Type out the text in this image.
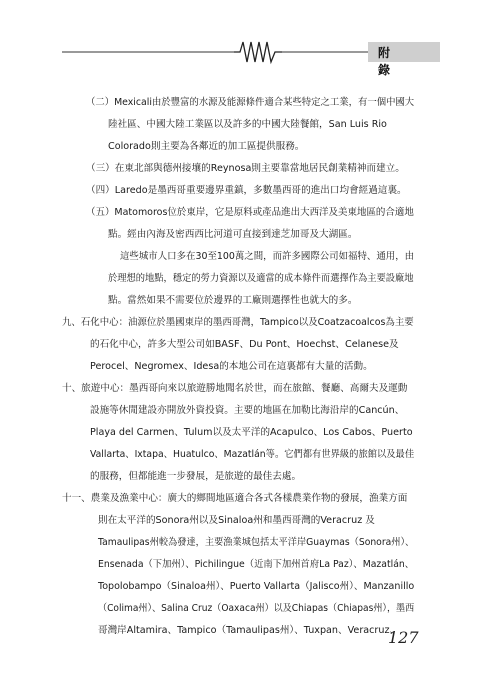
附 錄
（二）Mexicali由於豐富的水源及能源條件適合某些特定之工業，有一個中國大
陸社區、中國大陸工業區以及許多的中國大陸餐館，San Luis Rio
Colorado則主要為各鄰近的加工區提供服務。
（三）在東北部與德州接壤的Reynosa則主要靠當地居民創業精神而建立。
（四）Laredo是墨西哥重要邊界重鎮，多數墨西哥的進出口均會經過這裏。
（五）Matomoros位於東岸，它是原料或產品進出大西洋及美東地區的合適地
點。經由內海及密西西比河道可直接到達芝加哥及大湖區。
這些城市人口多在30至100萬之間，而許多國際公司如福特、通用，由
於理想的地點，穩定的勞力資源以及適當的成本條件而選擇作為主要設廠地
點。當然如果不需要位於邊界的工廠則選擇性也就大的多。
九、石化中心：油源位於墨國東岸的墨西哥灣，Tampico以及Coatzacoalcos為主要
的石化中心，許多大型公司如BASF、Du Pont、Hoechst、Celanese及
Perocel、Negromex、Idesa的本地公司在這裏都有大量的活動。
十、旅遊中心：墨西哥向來以旅遊勝地聞名於世，而在旅館、餐廳、高爾夫及運動
設施等休閒建設亦開放外資投資。主要的地區在加勒比海沿岸的Cancún、
Playa del Carmen、Tulum以及太平洋的Acapulco、Los Cabos、Puerto
Vallarta、Ixtapa、Huatulco、Mazatlán等。它們都有世界級的旅館以及最佳
的服務，但都能進一步發展，是旅遊的最佳去處。
十一、農業及漁業中心：廣大的鄉間地區適合各式各樣農業作物的發展，漁業方面
則在太平洋的Sonora州以及Sinaloa州和墨西哥灣的Veracruz 及
Tamaulipas州較為發達，主要漁業城包括太平洋岸Guaymas（Sonora州）、
Ensenada（下加州）、Pichilingue（近南下加州首府La Paz）、Mazatlán、
Topolobampo（Sinaloa州）、Puerto Vallarta（Jalisco州）、Manzanillo
（Colima州）、Salina Cruz（Oaxaca州）以及Chiapas（Chiapas州），墨西
哥灣岸Altamira、Tampico（Tamaulipas州）、Tuxpan、Veracruz、
127
